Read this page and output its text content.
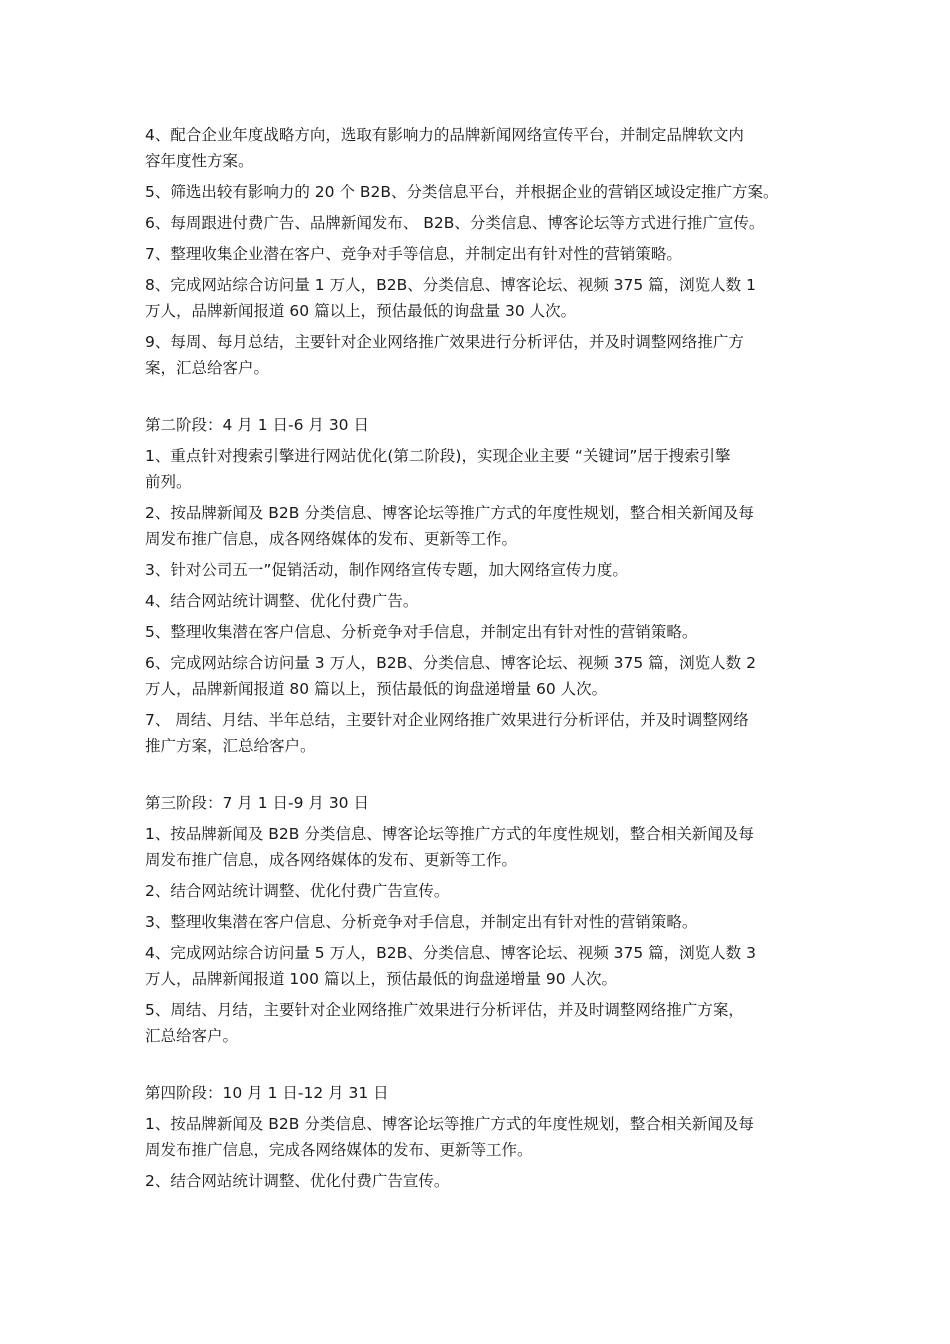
4、配合企业年度战略方向，选取有影响力的品牌新闻网络宣传平台，并制定品牌软文内
容年度性方案。

5、筛选出较有影响力的 20 个 B2B、分类信息平台，并根据企业的营销区域设定推广方案。

6、每周跟进付费广告、品牌新闻发布、 B2B、分类信息、博客论坛等方式进行推广宣传。

7、整理收集企业潜在客户、竞争对手等信息，并制定出有针对性的营销策略。

8、完成网站综合访问量 1 万人，B2B、分类信息、博客论坛、视频 375 篇，浏览人数 1
万人，品牌新闻报道 60 篇以上，预估最低的询盘量 30 人次。

9、每周、每月总结，主要针对企业网络推广效果进行分析评估，并及时调整网络推广方
案，汇总给客户。

第二阶段：4 月 1 日-6 月 30 日

1、重点针对搜索引擎进行网站优化(第二阶段)，实现企业主要 “关键词”居于搜索引擎
前列。

2、按品牌新闻及 B2B 分类信息、博客论坛等推广方式的年度性规划，整合相关新闻及每
周发布推广信息，成各网络媒体的发布、更新等工作。

3、针对公司五一”促销活动，制作网络宣传专题，加大网络宣传力度。

4、结合网站统计调整、优化付费广告。

5、整理收集潜在客户信息、分析竞争对手信息，并制定出有针对性的营销策略。

6、完成网站综合访问量 3 万人，B2B、分类信息、博客论坛、视频 375 篇，浏览人数 2
万人，品牌新闻报道 80 篇以上，预估最低的询盘递增量 60 人次。

7、 周结、月结、半年总结，主要针对企业网络推广效果进行分析评估，并及时调整网络
推广方案，汇总给客户。

第三阶段：7 月 1 日-9 月 30 日

1、按品牌新闻及 B2B 分类信息、博客论坛等推广方式的年度性规划，整合相关新闻及每
周发布推广信息，成各网络媒体的发布、更新等工作。

2、结合网站统计调整、优化付费广告宣传。

3、整理收集潜在客户信息、分析竞争对手信息，并制定出有针对性的营销策略。

4、完成网站综合访问量 5 万人，B2B、分类信息、博客论坛、视频 375 篇，浏览人数 3
万人，品牌新闻报道 100 篇以上，预估最低的询盘递增量 90 人次。

5、周结、月结，主要针对企业网络推广效果进行分析评估，并及时调整网络推广方案，
汇总给客户。

第四阶段：10 月 1 日-12 月 31 日

1、按品牌新闻及 B2B 分类信息、博客论坛等推广方式的年度性规划，整合相关新闻及每
周发布推广信息，完成各网络媒体的发布、更新等工作。

2、结合网站统计调整、优化付费广告宣传。
